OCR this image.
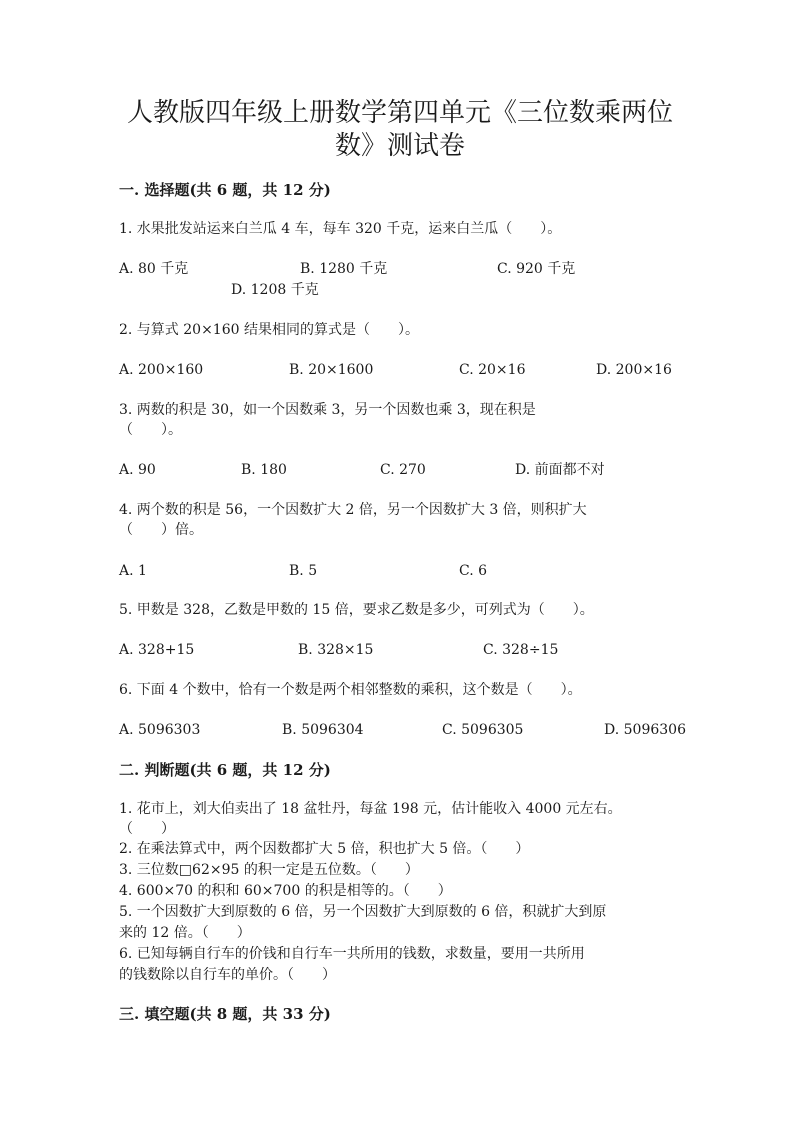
人教版四年级上册数学第四单元《三位数乘两位
数》测试卷
一. 选择题(共 6 题，共 12 分)
1. 水果批发站运来白兰瓜 4 车，每车 320 千克，运来白兰瓜（　　）。
A. 80 千克	B. 1280 千克	C. 920 千克
D. 1208 千克
2. 与算式 20×160 结果相同的算式是（　　）。
A. 200×160	B. 20×1600	C. 20×16	D. 200×16
3. 两数的积是 30，如一个因数乘 3，另一个因数也乘 3，现在积是
（　　）。
A. 90	B. 180	C. 270	D. 前面都不对
4. 两个数的积是 56，一个因数扩大 2 倍，另一个因数扩大 3 倍，则积扩大
（　　）倍。
A. 1	B. 5	C. 6
5. 甲数是 328，乙数是甲数的 15 倍，要求乙数是多少，可列式为（　　）。
A. 328+15	B. 328×15	C. 328÷15
6. 下面 4 个数中，恰有一个数是两个相邻整数的乘积，这个数是（　　）。
A. 5096303	B. 5096304	C. 5096305	D. 5096306
二. 判断题(共 6 题，共 12 分)
1. 花市上，刘大伯卖出了 18 盆牡丹，每盆 198 元，估计能收入 4000 元左右。
（　　）
2. 在乘法算式中，两个因数都扩大 5 倍，积也扩大 5 倍。（　　）
3. 三位数□62×95 的积一定是五位数。（　　）
4. 600×70 的积和 60×700 的积是相等的。（　　）
5. 一个因数扩大到原数的 6 倍，另一个因数扩大到原数的 6 倍，积就扩大到原
来的 12 倍。（　　）
6. 已知每辆自行车的价钱和自行车一共所用的钱数，求数量，要用一共所用
的钱数除以自行车的单价。（　　）
三. 填空题(共 8 题，共 33 分)
